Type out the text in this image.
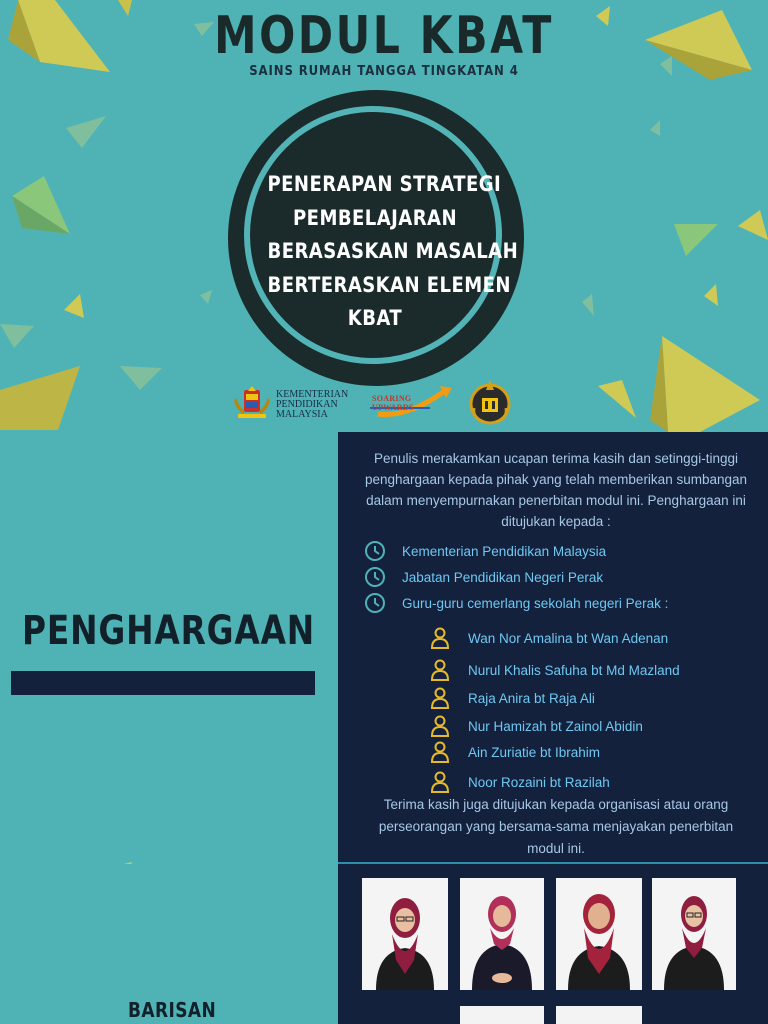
MODUL KBAT
SAINS RUMAH TANGGA TINGKATAN 4
PENERAPAN STRATEGI
PEMBELAJARAN
BERASASKAN MASALAH
BERTERASKAN ELEMEN
KBAT
KEMENTERIAN
PENDIDIKAN
MALAYSIA
SOARING UPWARDS
PENGHARGAAN
Penulis merakamkan ucapan terima kasih dan setinggi-tinggi penghargaan kepada pihak yang telah memberikan sumbangan dalam menyempurnakan penerbitan modul ini. Penghargaan ini ditujukan kepada :
Kementerian Pendidikan Malaysia
Jabatan Pendidikan Negeri Perak
Guru-guru cemerlang sekolah negeri Perak :
Wan Nor Amalina bt Wan Adenan
Nurul Khalis Safuha bt Md Mazland
Raja Anira bt Raja Ali
Nur Hamizah bt Zainol Abidin
Ain Zuriatie bt Ibrahim
Noor Rozaini bt Razilah
Terima kasih juga ditujukan kepada organisasi atau orang perseorangan yang bersama-sama menjayakan penerbitan modul ini.
BARISAN
